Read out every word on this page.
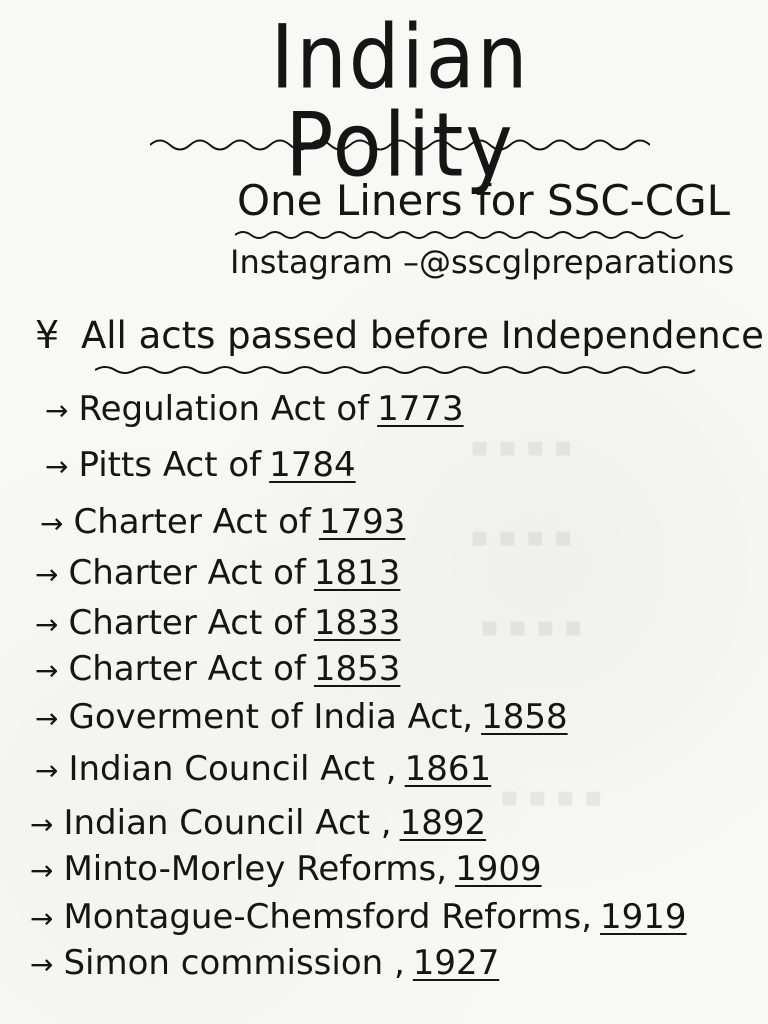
▪ ▪ ▪ ▪
▪ ▪ ▪ ▪
▪ ▪ ▪ ▪
▪ ▪ ▪ ▪
Indian Polity
One Liners for SSC-CGL
Instagram –@sscglpreparations
¥ All acts passed before Independence
→ Regulation Act of 1773
→ Pitts Act of 1784
→ Charter Act of 1793
→ Charter Act of 1813
→ Charter Act of 1833
→ Charter Act of 1853
→ Goverment of India Act, 1858
→ Indian Council Act , 1861
→ Indian Council Act , 1892
→ Minto-Morley Reforms, 1909
→ Montague-Chemsford Reforms, 1919
→ Simon commission , 1927
